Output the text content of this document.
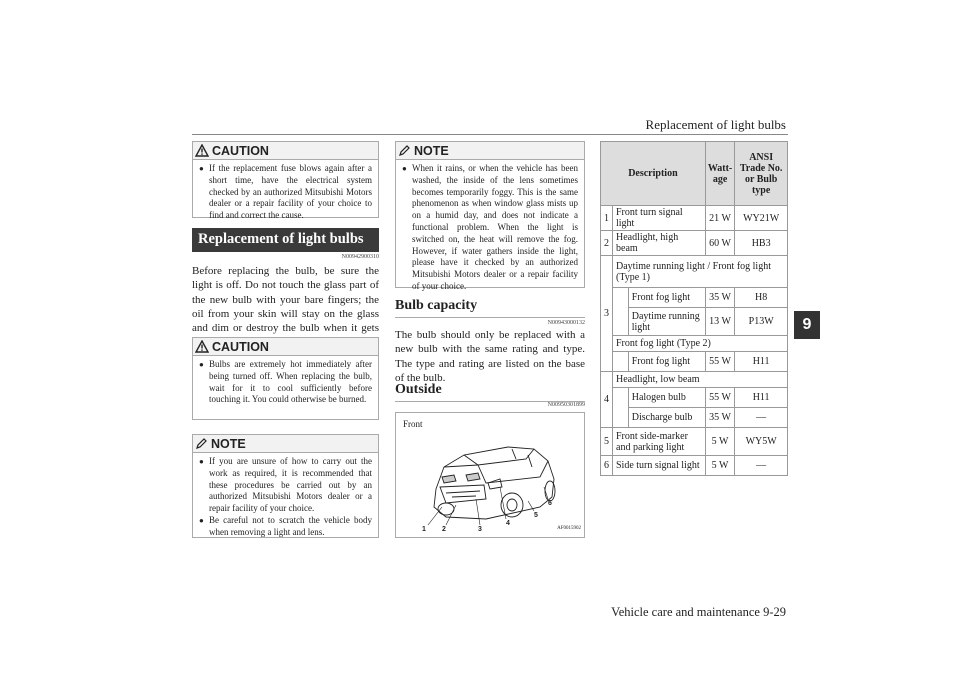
Replacement of light bulbs
9
Vehicle care and maintenance 9-29
CAUTION
● If the replacement fuse blows again after a short time, have the electrical system checked by an authorized Mitsubishi Motors dealer or a repair facility of your choice to find and correct the cause.
Replacement of light bulbs
N00942900310
Before replacing the bulb, be sure the light is off. Do not touch the glass part of the new bulb with your bare fingers; the oil from your skin will stay on the glass and dim or destroy the bulb when it gets
CAUTION
● Bulbs are extremely hot immediately after being turned off. When replacing the bulb, wait for it to cool sufficiently before touching it. You could otherwise be burned.
NOTE
● If you are unsure of how to carry out the work as required, it is recommended that these procedures be carried out by an authorized Mitsubishi Motors dealer or a repair facility of your choice.
● Be careful not to scratch the vehicle body when removing a light and lens.
NOTE
● When it rains, or when the vehicle has been washed, the inside of the lens sometimes becomes temporarily foggy. This is the same phenomenon as when window glass mists up on a humid day, and does not indicate a functional problem. When the light is switched on, the heat will remove the fog. However, if water gathers inside the light, please have it checked by an authorized Mitsubishi Motors dealer or a repair facility of your choice.
Bulb capacity
N00943000132
The bulb should only be replaced with a new bulb with the same rating and type. The type and rating are listed on the base of the bulb.
Outside
N00950301899
Front
1 2	3
4
5
6
AF0015902
Description			Watt-age	ANSI Trade No. or Bulb type
1	Front turn signal light		21 W	WY21W
2	Headlight, high beam		60 W	HB3
3	Daytime running light / Front fog light (Type 1)			
		Front fog light	35 W	H8
		Daytime running light	13 W	P13W
	Front fog light (Type 2)			
		Front fog light	55 W	H11
4	Headlight, low beam			
		Halogen bulb	55 W	H11
		Discharge bulb	35 W	—
5	Front side-marker and parking light		5 W	WY5W
6	Side turn signal light		5 W	—
